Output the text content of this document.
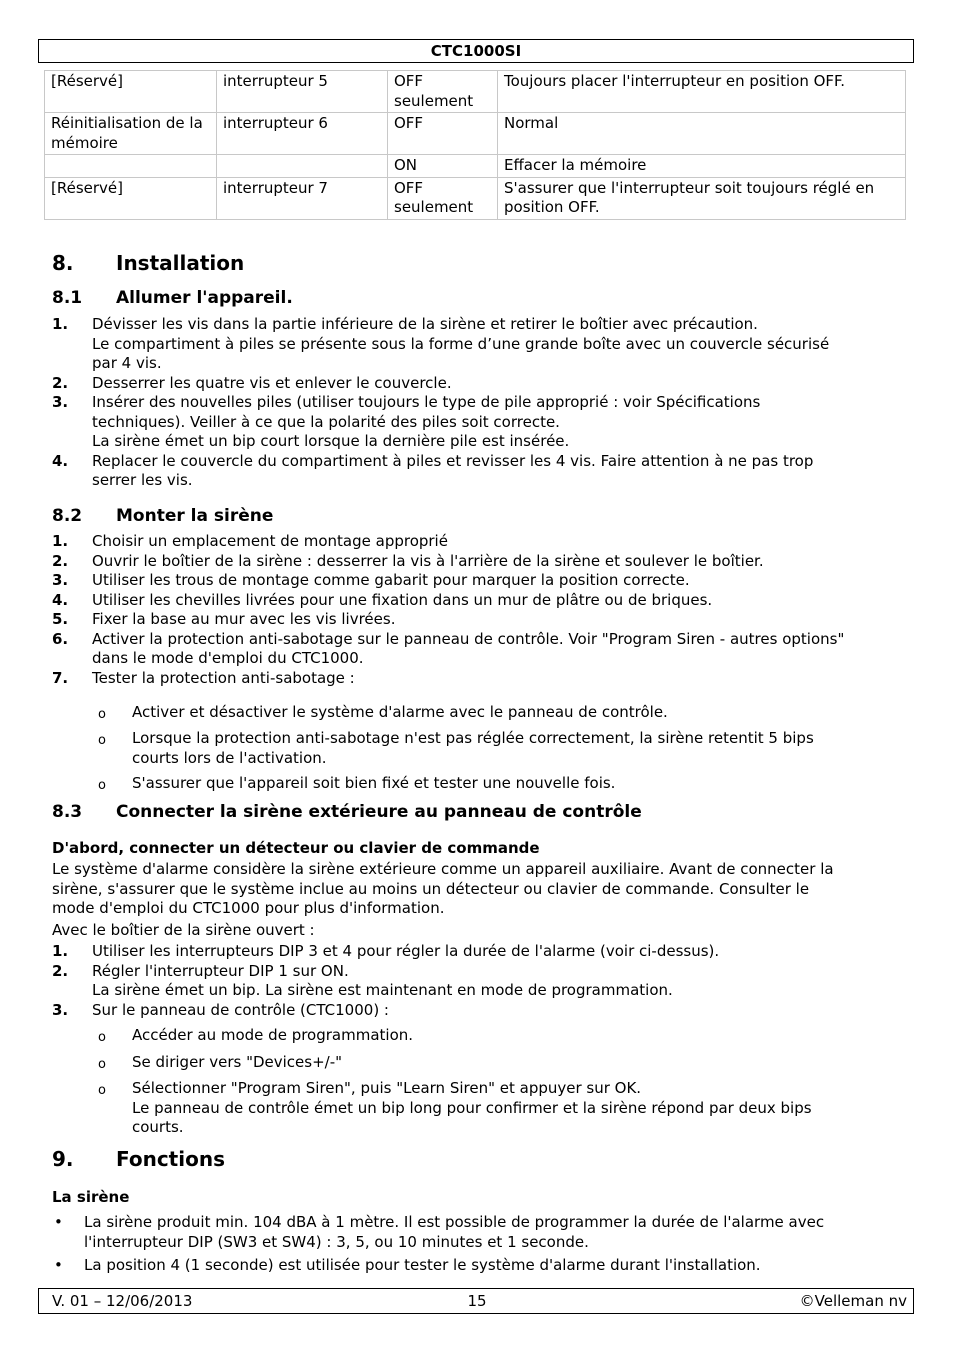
CTC1000SI
[Réservé]	interrupteur 5	OFF seulement	Toujours placer l'interrupteur en position OFF.
Réinitialisation de la mémoire	interrupteur 6	OFF	Normal
		ON	Effacer la mémoire
[Réservé]	interrupteur 7	OFF seulement	S'assurer que l'interrupteur soit toujours réglé en position OFF.
8. Installation
8.1 Allumer l'appareil.
1. Dévisser les vis dans la partie inférieure de la sirène et retirer le boîtier avec précaution.
Le compartiment à piles se présente sous la forme d’une grande boîte avec un couvercle sécurisé
par 4 vis.
2. Desserrer les quatre vis et enlever le couvercle.
3. Insérer des nouvelles piles (utiliser toujours le type de pile approprié : voir Spécifications
techniques). Veiller à ce que la polarité des piles soit correcte.
La sirène émet un bip court lorsque la dernière pile est insérée.
4. Replacer le couvercle du compartiment à piles et revisser les 4 vis. Faire attention à ne pas trop
serrer les vis.
8.2 Monter la sirène
1. Choisir un emplacement de montage approprié
2. Ouvrir le boîtier de la sirène : desserrer la vis à l'arrière de la sirène et soulever le boîtier.
3. Utiliser les trous de montage comme gabarit pour marquer la position correcte.
4. Utiliser les chevilles livrées pour une fixation dans un mur de plâtre ou de briques.
5. Fixer la base au mur avec les vis livrées.
6. Activer la protection anti-sabotage sur le panneau de contrôle. Voir "Program Siren - autres options"
dans le mode d'emploi du CTC1000.
7. Tester la protection anti-sabotage :
o Activer et désactiver le système d'alarme avec le panneau de contrôle.
o Lorsque la protection anti-sabotage n'est pas réglée correctement, la sirène retentit 5 bips
courts lors de l'activation.
o S'assurer que l'appareil soit bien fixé et tester une nouvelle fois.
8.3 Connecter la sirène extérieure au panneau de contrôle
D'abord, connecter un détecteur ou clavier de commande
Le système d'alarme considère la sirène extérieure comme un appareil auxiliaire. Avant de connecter la
sirène, s'assurer que le système inclue au moins un détecteur ou clavier de commande. Consulter le
mode d'emploi du CTC1000 pour plus d'information.
Avec le boîtier de la sirène ouvert :
1. Utiliser les interrupteurs DIP 3 et 4 pour régler la durée de l'alarme (voir ci-dessus).
2. Régler l'interrupteur DIP 1 sur ON.
La sirène émet un bip. La sirène est maintenant en mode de programmation.
3. Sur le panneau de contrôle (CTC1000) :
o Accéder au mode de programmation.
o Se diriger vers "Devices+/-"
o Sélectionner "Program Siren", puis "Learn Siren" et appuyer sur OK.
Le panneau de contrôle émet un bip long pour confirmer et la sirène répond par deux bips
courts.
9. Fonctions
La sirène
• La sirène produit min. 104 dBA à 1 mètre. Il est possible de programmer la durée de l'alarme avec
l'interrupteur DIP (SW3 et SW4) : 3, 5, ou 10 minutes et 1 seconde.
• La position 4 (1 seconde) est utilisée pour tester le système d'alarme durant l'installation.
V. 01 – 12/06/2013	15	©Velleman nv
